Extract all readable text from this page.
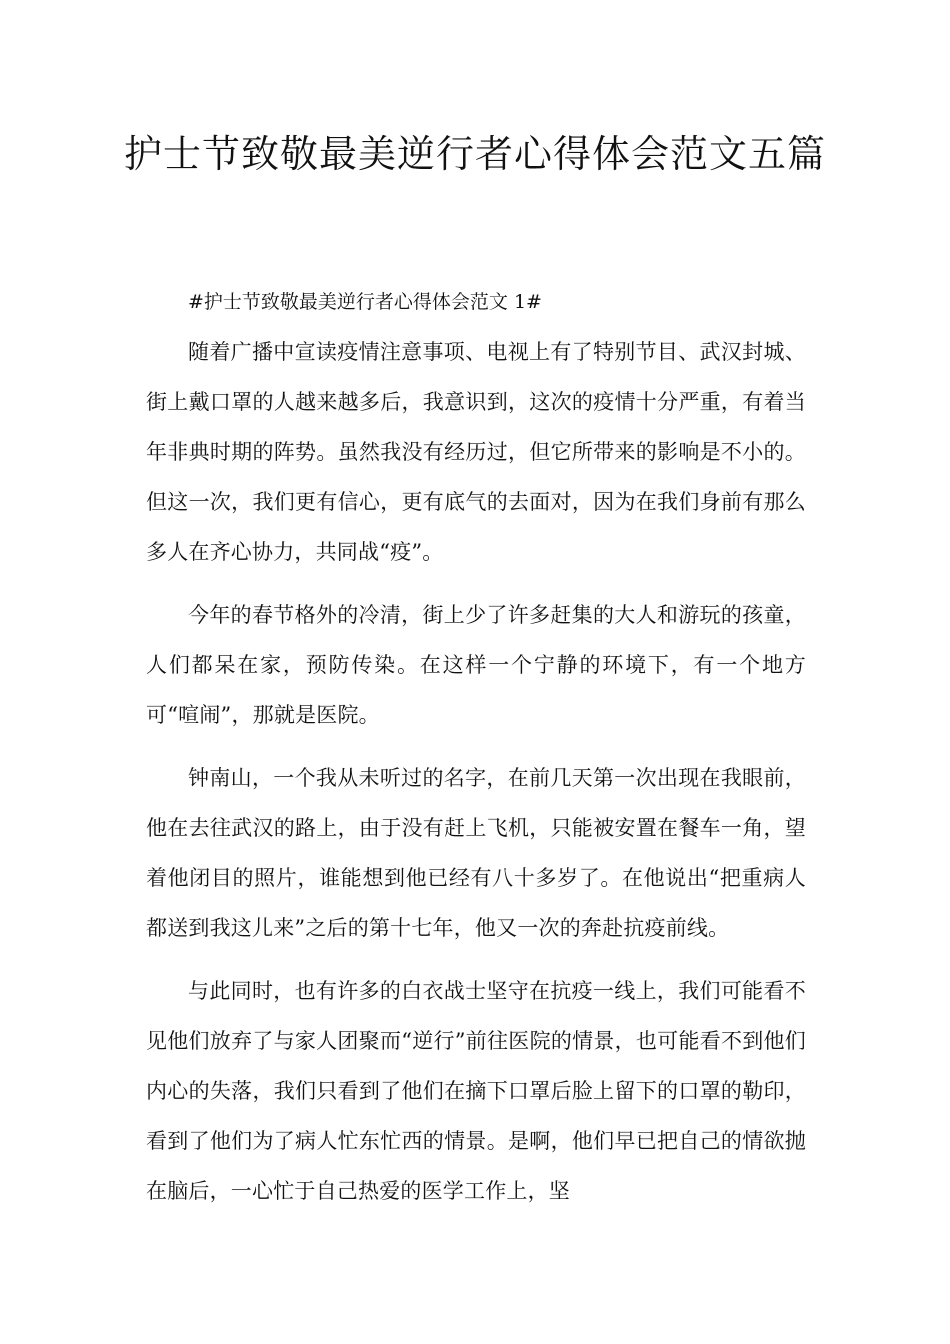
护士节致敬最美逆行者心得体会范文五篇

#护士节致敬最美逆行者心得体会范文 1#

随着广播中宣读疫情注意事项、电视上有了特别节目、武汉封城、街上戴口罩的人越来越多后，我意识到，这次的疫情十分严重，有着当年非典时期的阵势。虽然我没有经历过，但它所带来的影响是不小的。但这一次，我们更有信心，更有底气的去面对，因为在我们身前有那么多人在齐心协力，共同战“疫”。

今年的春节格外的冷清，街上少了许多赶集的大人和游玩的孩童，人们都呆在家，预防传染。在这样一个宁静的环境下，有一个地方可“喧闹”，那就是医院。

钟南山，一个我从未听过的名字，在前几天第一次出现在我眼前，他在去往武汉的路上，由于没有赶上飞机，只能被安置在餐车一角，望着他闭目的照片，谁能想到他已经有八十多岁了。在他说出“把重病人都送到我这儿来”之后的第十七年，他又一次的奔赴抗疫前线。

与此同时，也有许多的白衣战士坚守在抗疫一线上，我们可能看不见他们放弃了与家人团聚而“逆行”前往医院的情景，也可能看不到他们内心的失落，我们只看到了他们在摘下口罩后脸上留下的口罩的勒印，看到了他们为了病人忙东忙西的情景。是啊，他们早已把自己的情欲抛在脑后，一心忙于自己热爱的医学工作上，坚
